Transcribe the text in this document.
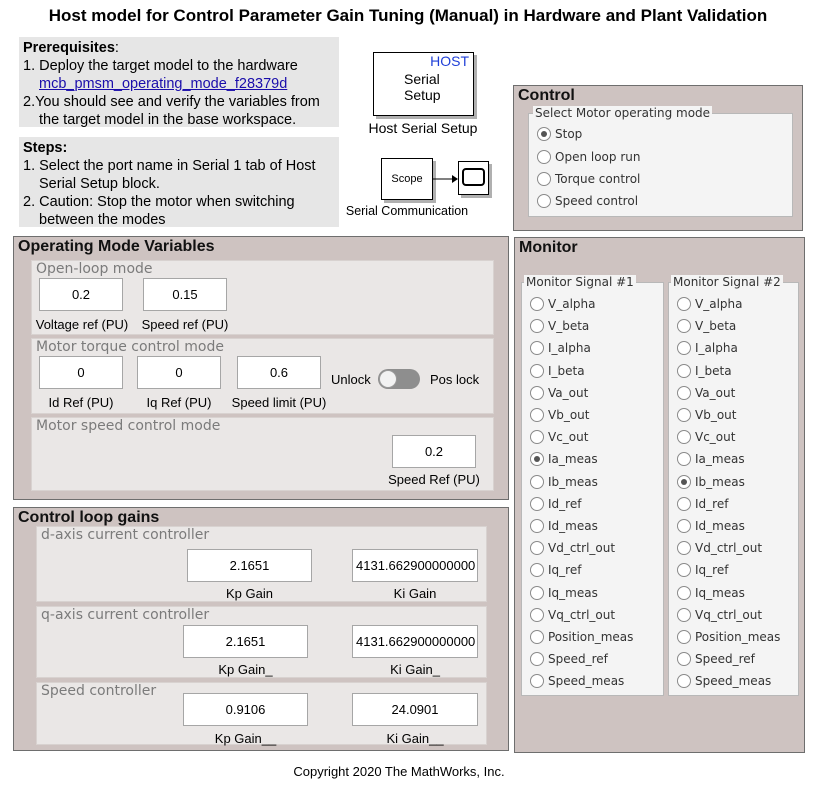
Host model for Control Parameter Gain Tuning (Manual) in Hardware and Plant Validation
Prerequisites:
1. Deploy the target model to the hardware
mcb_pmsm_operating_mode_f28379d
2.You should see and verify the variables from
the target model in the base workspace.
Steps:
1. Select the port name in Serial 1 tab of Host
Serial Setup block.
2. Caution: Stop the motor when switching
between the modes
HOST
Serial
Setup
Host Serial Setup
Scope
Serial Communication
Control
Select Motor operating mode
Stop
Open loop run
Torque control
Speed control
Operating Mode Variables
Open-loop mode
0.2
Voltage ref (PU)
0.15
Speed ref (PU)
Motor torque control mode
0
Id Ref (PU)
0
Iq Ref (PU)
0.6
Speed limit (PU)
Unlock	Pos lock
Motor speed control mode
0.2
Speed Ref (PU)
Control loop gains
d-axis current controller
2.1651
Kp Gain
4131.662900000000
Ki Gain
q-axis current controller
2.1651
Kp Gain_
4131.662900000000
Ki Gain_
Speed controller
0.9106
Kp Gain__
24.0901
Ki Gain__
Monitor
Monitor Signal #1
V_alpha
V_beta
I_alpha
I_beta
Va_out
Vb_out
Vc_out
Ia_meas
Ib_meas
Id_ref
Id_meas
Vd_ctrl_out
Iq_ref
Iq_meas
Vq_ctrl_out
Position_meas
Speed_ref
Speed_meas
Monitor Signal #2
V_alpha
V_beta
I_alpha
I_beta
Va_out
Vb_out
Vc_out
Ia_meas
Ib_meas
Id_ref
Id_meas
Vd_ctrl_out
Iq_ref
Iq_meas
Vq_ctrl_out
Position_meas
Speed_ref
Speed_meas
Copyright 2020 The MathWorks, Inc.
